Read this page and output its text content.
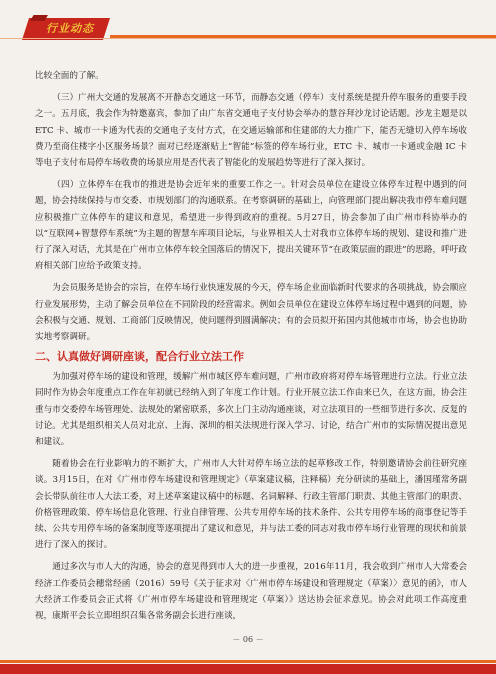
行业动态

比较全面的了解。

（三）广州大交通的发展离不开静态交通这一环节，而静态交通（停车）支付系统是提升停车服务的重要手段之一。五月底，我会作为特邀嘉宾，参加了由广东省交通电子支付协会举办的慧谷拜沙龙讨论话题。沙龙主题是以 ETC 卡、城市一卡通为代表的交通电子支付方式，在交通运输部和住建部的大力推广下，能否无缝切入停车场收费乃至商住楼字小区服务场景？面对已经逐渐贴上“智能”标签的停车场行业，ETC 卡、城市一卡通或金融 IC 卡等电子支付布局停车场收费的场景应用是否代表了智能化的发展趋势等进行了深入探讨。

（四）立体停车在我市的推进是协会近年来的重要工作之一。针对会员单位在建设立体停车过程中遇到的问题，协会持续保持与市交委、市规划部门的沟通联系。在考察调研的基础上，向管理部门提出解决我市停车难问题应积极推广立体停车的建议和意见，希望进一步得到政府的重视。5月27日，协会参加了由广州市科协举办的以“互联网+智慧停车系统”为主题的智慧车库项目论坛，与业界相关人士对我市立体停车场的规划、建设和推广进行了深入对话，尤其是在广州市立体停车较全国落后的情况下，提出关键环节“在政策层面的跟进”的思路，呼吁政府相关部门应给予政策支持。

为会员服务是协会的宗旨，在停车场行业快速发展的今天，停车场企业面临新时代要求的各项挑战，协会顺应行业发展形势，主动了解会员单位在不同阶段的经营需求。例如会员单位在建设立体停车场过程中遇到的问题，协会积极与交通、规划、工商部门反映情况，使问题得到圆满解决；有的会员拟开拓国内其他城市市场，协会也协助实地考察调研。

二、认真做好调研座谈，配合行业立法工作

为加强对停车场的建设和管理，缓解广州市城区停车难问题，广州市政府将对停车场管理进行立法。行业立法同时作为协会年度重点工作在年初就已经纳入到了年度工作计划。行业开展立法工作由来已久，在这方面，协会注重与市交委停车场管理处、法规处的紧密联系，多次上门主动沟通座谈，对立法项目的一些细节进行多次、反复的讨论。尤其是组织相关人员对北京、上海、深圳的相关法规进行深入学习、讨论，结合广州市的实际情况提出意见和建议。

随着协会在行业影响力的不断扩大，广州市人大针对停车场立法的起草修改工作，特别邀请协会前往研究座谈。3月15日，在对《广州市停车场建设和管理规定》（草案建议稿，注释稿）充分研读的基础上，潘国瑾常务副会长带队前往市人大法工委，对上述草案建议稿中的标题、名词解释、行政主管部门职责、其他主管部门的职责、价格管理政策、停车场信息化管理、行业自律管理、公共专用停车场的技术条件、公共专用停车场的商事登记等手续、公共专用停车场的备案制度等逐项提出了建议和意见，并与法工委的同志对我市停车场行业管理的现状和前景进行了深入的探讨。

通过多次与市人大的沟通，协会的意见得到市人大的进一步重视，2016年11月，我会收到广州市人大常委会经济工作委员会穗常经函（2016）59号《关于征求对〈广州市停车场建设和管理规定（草案）〉意见的函》，市人大经济工作委员会正式将《广州市停车场建设和管理规定（草案）》送达协会征求意见。协会对此项工作高度重视，康斯平会长立即组织召集各常务副会长进行座谈，

－ 06 －
